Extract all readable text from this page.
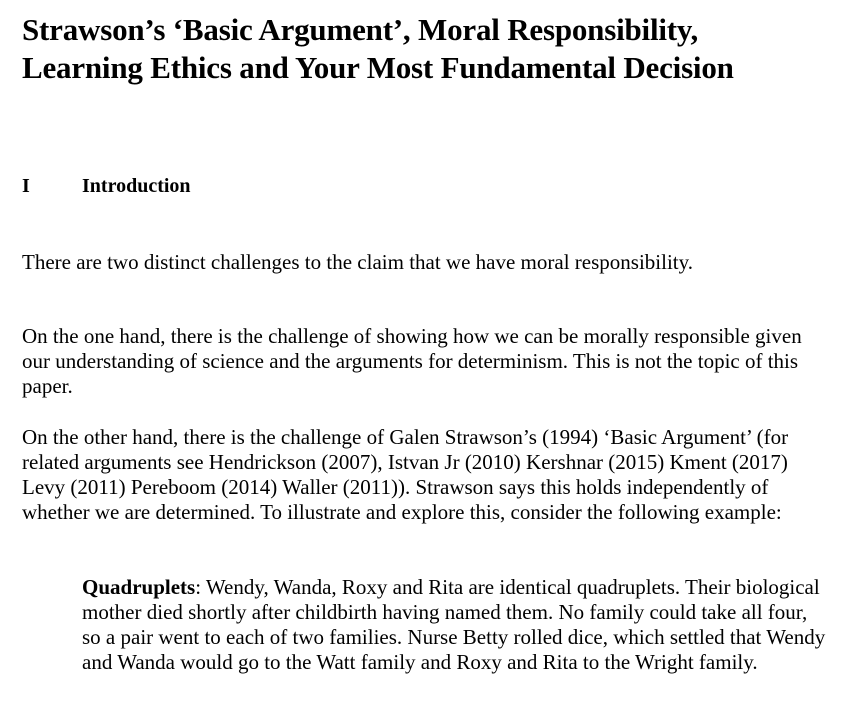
Strawson’s ‘Basic Argument’, Moral Responsibility, Learning Ethics and Your Most Fundamental Decision
I	Introduction

There are two distinct challenges to the claim that we have moral responsibility.

On the one hand, there is the challenge of showing how we can be morally responsible given our understanding of science and the arguments for determinism. This is not the topic of this paper.

On the other hand, there is the challenge of Galen Strawson’s (1994) ‘Basic Argument’ (for related arguments see Hendrickson (2007), Istvan Jr (2010) Kershnar (2015) Kment (2017) Levy (2011) Pereboom (2014) Waller (2011)). Strawson says this holds independently of whether we are determined. To illustrate and explore this, consider the following example:

Quadruplets: Wendy, Wanda, Roxy and Rita are identical quadruplets. Their biological mother died shortly after childbirth having named them. No family could take all four, so a pair went to each of two families. Nurse Betty rolled dice, which settled that Wendy and Wanda would go to the Watt family and Roxy and Rita to the Wright family.
